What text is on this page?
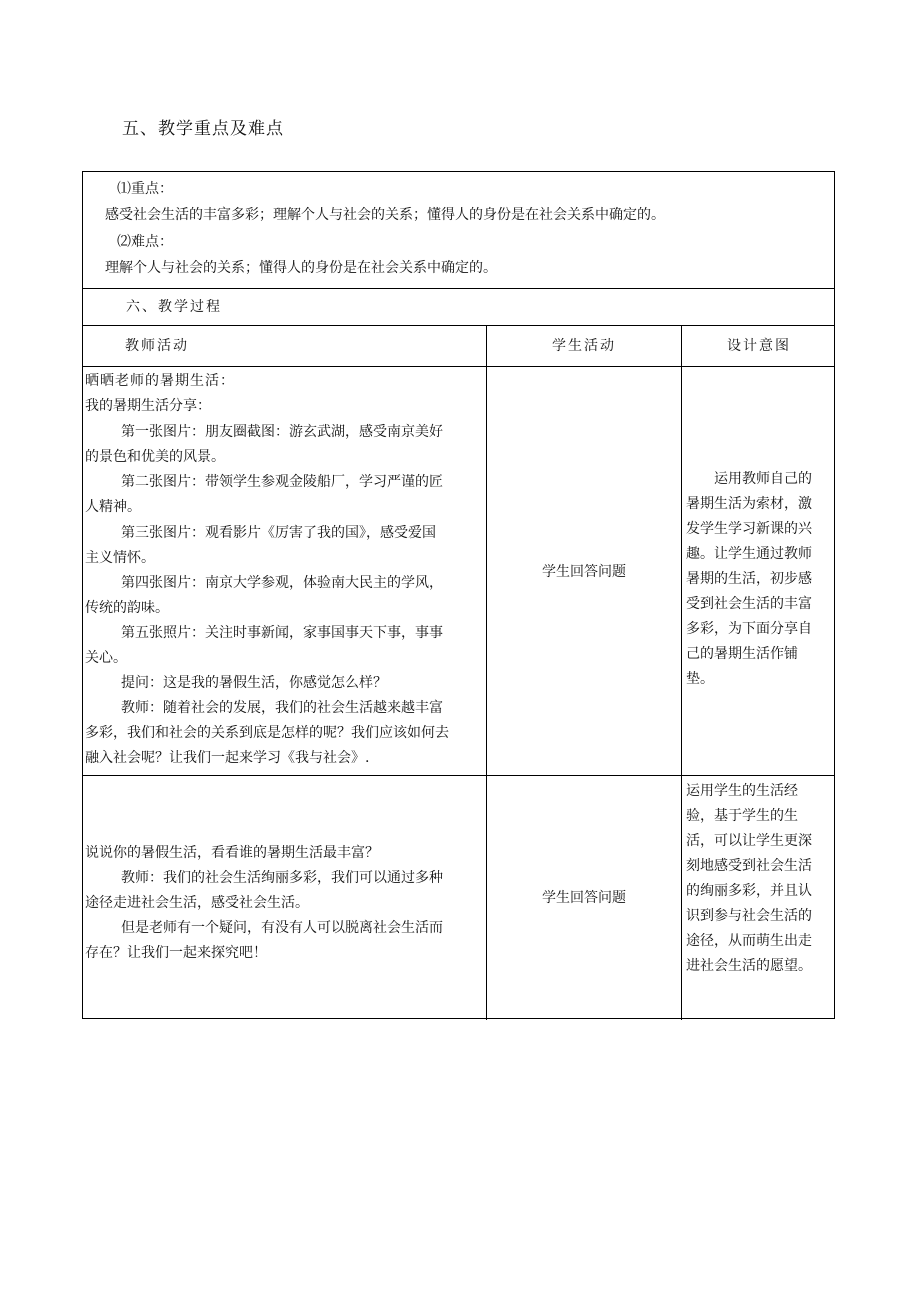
五、教学重点及难点
⑴重点：
感受社会生活的丰富多彩；理解个人与社会的关系；懂得人的身份是在社会关系中确定的。
⑵难点：
理解个人与社会的关系；懂得人的身份是在社会关系中确定的。
六、教学过程
教师活动	学生活动	设计意图
晒晒老师的暑期生活：
我的暑期生活分享：
第一张图片：朋友圈截图：游玄武湖，感受南京美好
的景色和优美的风景。
第二张图片：带领学生参观金陵船厂，学习严谨的匠
人精神。
第三张图片：观看影片《厉害了我的国》，感受爱国
主义情怀。
第四张图片：南京大学参观，体验南大民主的学风，
传统的韵味。
第五张照片：关注时事新闻，家事国事天下事，事事
关心。
提问：这是我的暑假生活，你感觉怎么样？
教师：随着社会的发展，我们的社会生活越来越丰富
多彩，我们和社会的关系到底是怎样的呢？我们应该如何去
融入社会呢？让我们一起来学习《我与社会》.
学生回答问题
运用教师自己的
暑期生活为索材，激
发学生学习新课的兴
趣。让学生通过教师
暑期的生活，初步感
受到社会生活的丰富
多彩，为下面分享自
己的暑期生活作铺
垫。
说说你的暑假生活，看看谁的暑期生活最丰富？
教师：我们的社会生活绚丽多彩，我们可以通过多种
途径走进社会生活，感受社会生活。
但是老师有一个疑问，有没有人可以脱离社会生活而
存在？让我们一起来探究吧！
学生回答问题
运用学生的生活经
验，基于学生的生
活，可以让学生更深
刻地感受到社会生活
的绚丽多彩，并且认
识到参与社会生活的
途径，从而萌生出走
进社会生活的愿望。
